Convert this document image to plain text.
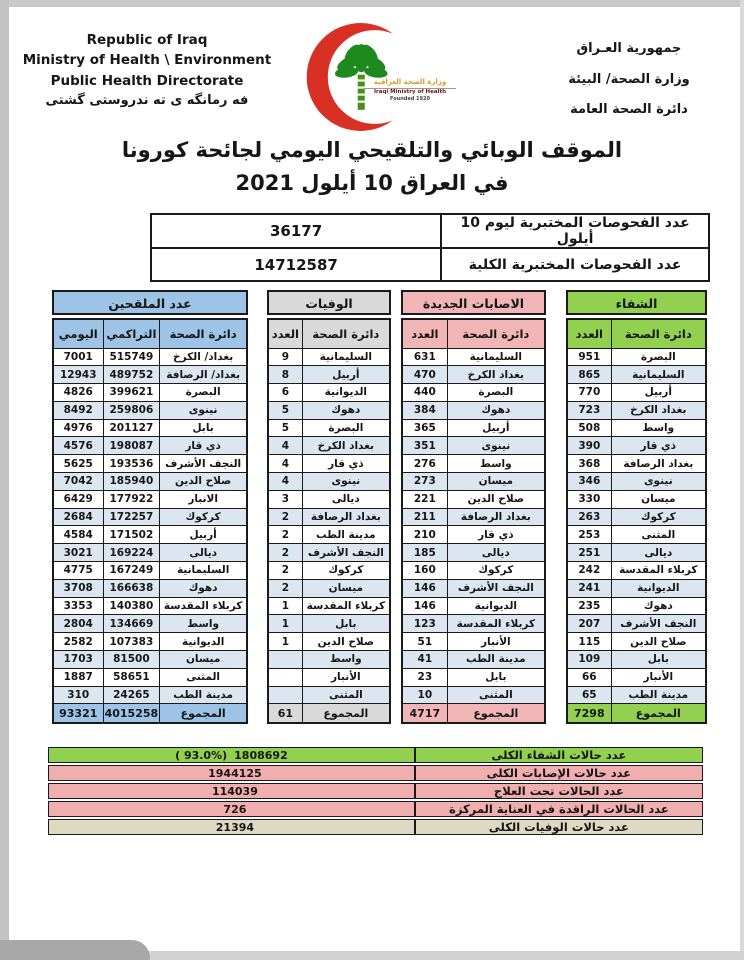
Republic of Iraq
Ministry of Health \ Environment
Public Health Directorate
فه رمانگه ی ته ندروستی گشتی
وزارة الصحة العراقية
Iraqi Ministry of Health
Founded 1920
جمهورية العـراق
وزارة الصحة/ البيئة
دائرة الصحة العامة
الموقف الوبائي والتلقيحي اليومي لجائحة كورونا
في العراق 10 أيلول 2021
عدد الفحوصات المختبرية ليوم 10 أيلول	36177
عدد الفحوصات المختبرية الكلية	14712587
عدد الملقحين
دائرة الصحة	التراكمي	اليومي
بغداد/ الكرخ	515749	7001
بغداد/ الرصافة	489752	12943
البصرة	399621	4826
نينوى	259806	8492
بابل	201127	4976
ذي قار	198087	4576
النجف الأشرف	193536	5625
صلاح الدين	185940	7042
الانبار	177922	6429
كركوك	172257	2684
أربيل	171502	4584
ديالى	169224	3021
السليمانية	167249	4775
دهوك	166638	3708
كربلاء المقدسة	140380	3353
واسط	134669	2804
الديوانية	107383	2582
ميسان	81500	1703
المثنى	58651	1887
مدينة الطب	24265	310
المجموع	4015258	93321
الوفيات
دائرة الصحة	العدد
السليمانية	9
أربيل	8
الديوانية	6
دهوك	5
البصرة	5
بغداد الكرخ	4
ذي قار	4
نينوى	4
ديالى	3
بغداد الرصافة	2
مدينة الطب	2
النجف الأشرف	2
كركوك	2
ميسان	2
كربلاء المقدسة	1
بابل	1
صلاح الدين	1
واسط	
الأنبار	
المثنى	
المجموع	61
الاصابات الجديدة
دائرة الصحة	العدد
السليمانية	631
بغداد الكرخ	470
البصرة	440
دهوك	384
أربيل	365
نينوى	351
واسط	276
ميسان	273
صلاح الدين	221
بغداد الرصافة	211
ذي قار	210
ديالى	185
كركوك	160
النجف الأشرف	146
الديوانية	146
كربلاء المقدسة	123
الأنبار	51
مدينة الطب	41
بابل	23
المثنى	10
المجموع	4717
الشفاء
دائرة الصحة	العدد
البصرة	951
السليمانية	865
أربيل	770
بغداد الكرخ	723
واسط	508
ذي قار	390
بغداد الرصافة	368
نينوى	346
ميسان	330
كركوك	263
المثنى	253
ديالى	251
كربلاء المقدسة	242
الديوانية	241
دهوك	235
النجف الأشرف	207
صلاح الدين	115
بابل	109
الأنبار	66
مدينة الطب	65
المجموع	7298
عدد حالات الشفاء الكلى	( 93.0%) 1808692

عدد حالات الإصابات الكلى	1944125

عدد الحالات تحت العلاج	114039

عدد الحالات الراقدة في العناية المركزة	726

عدد حالات الوفيات الكلى	21394
